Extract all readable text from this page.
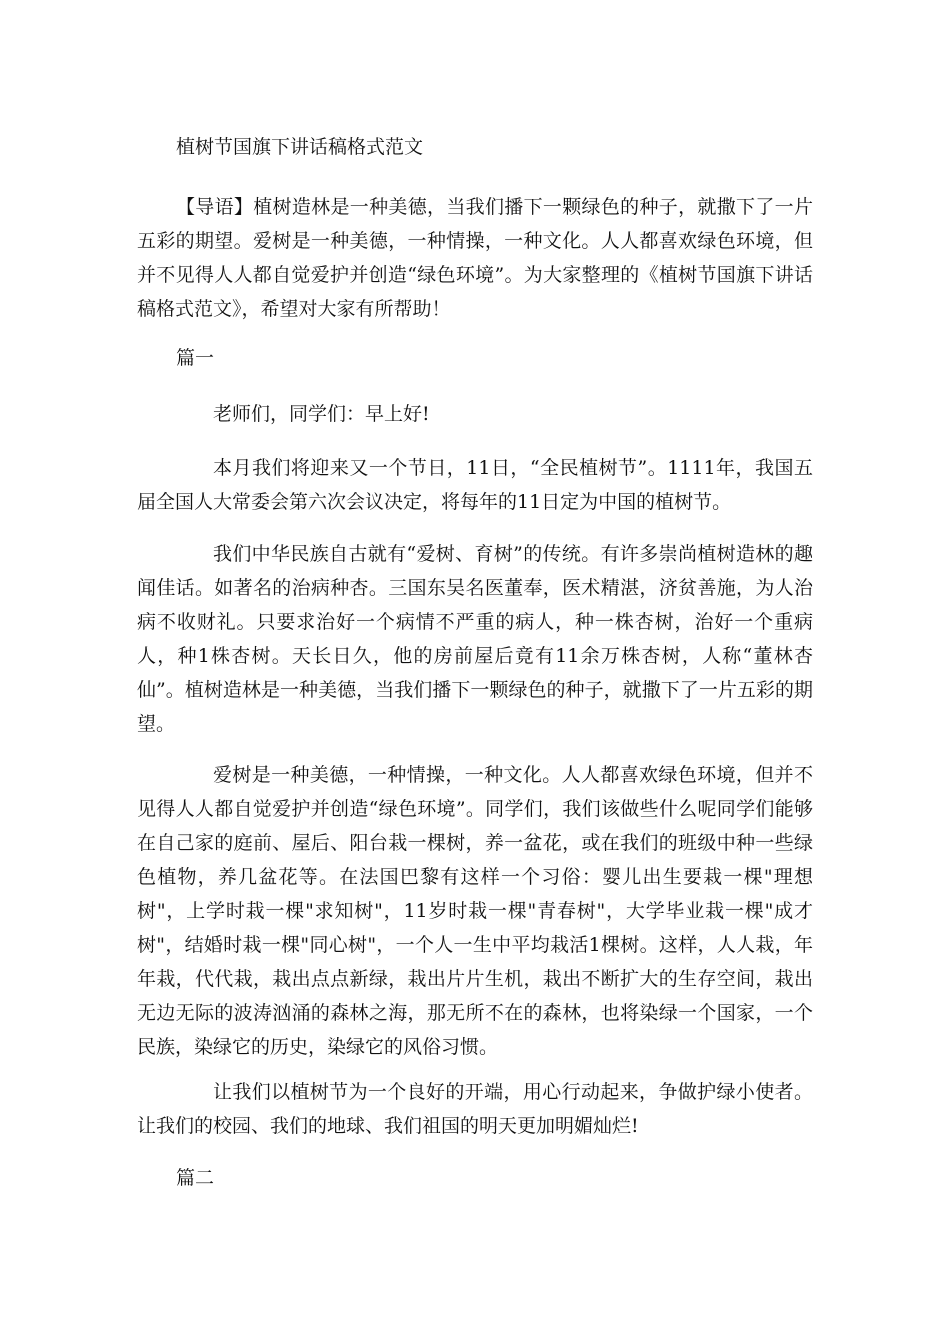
植树节国旗下讲话稿格式范文

【导语】植树造林是一种美德，当我们播下一颗绿色的种子，就撒下了一片五彩的期望。爱树是一种美德，一种情操，一种文化。人人都喜欢绿色环境，但并不见得人人都自觉爱护并创造“绿色环境”。为大家整理的《植树节国旗下讲话稿格式范文》，希望对大家有所帮助！

篇一

老师们，同学们：早上好!

本月我们将迎来又一个节日，11日，“全民植树节”。1111年，我国五届全国人大常委会第六次会议决定，将每年的11日定为中国的植树节。

我们中华民族自古就有“爱树、育树”的传统。有许多崇尚植树造林的趣闻佳话。如著名的治病种杏。三国东吴名医董奉，医术精湛，济贫善施，为人治病不收财礼。只要求治好一个病情不严重的病人，种一株杏树，治好一个重病人，种1株杏树。天长日久，他的房前屋后竟有11余万株杏树，人称“董林杏仙”。植树造林是一种美德，当我们播下一颗绿色的种子，就撒下了一片五彩的期望。

爱树是一种美德，一种情操，一种文化。人人都喜欢绿色环境，但并不见得人人都自觉爱护并创造“绿色环境”。同学们，我们该做些什么呢同学们能够在自己家的庭前、屋后、阳台栽一棵树，养一盆花，或在我们的班级中种一些绿色植物，养几盆花等。在法国巴黎有这样一个习俗：婴儿出生要栽一棵"理想树"，上学时栽一棵"求知树"，11岁时栽一棵"青春树"，大学毕业栽一棵"成才树"，结婚时栽一棵"同心树"，一个人一生中平均栽活1棵树。这样，人人栽，年年栽，代代栽，栽出点点新绿，栽出片片生机，栽出不断扩大的生存空间，栽出无边无际的波涛汹涌的森林之海，那无所不在的森林，也将染绿一个国家，一个民族，染绿它的历史，染绿它的风俗习惯。

让我们以植树节为一个良好的开端，用心行动起来，争做护绿小使者。让我们的校园、我们的地球、我们祖国的明天更加明媚灿烂!

篇二
